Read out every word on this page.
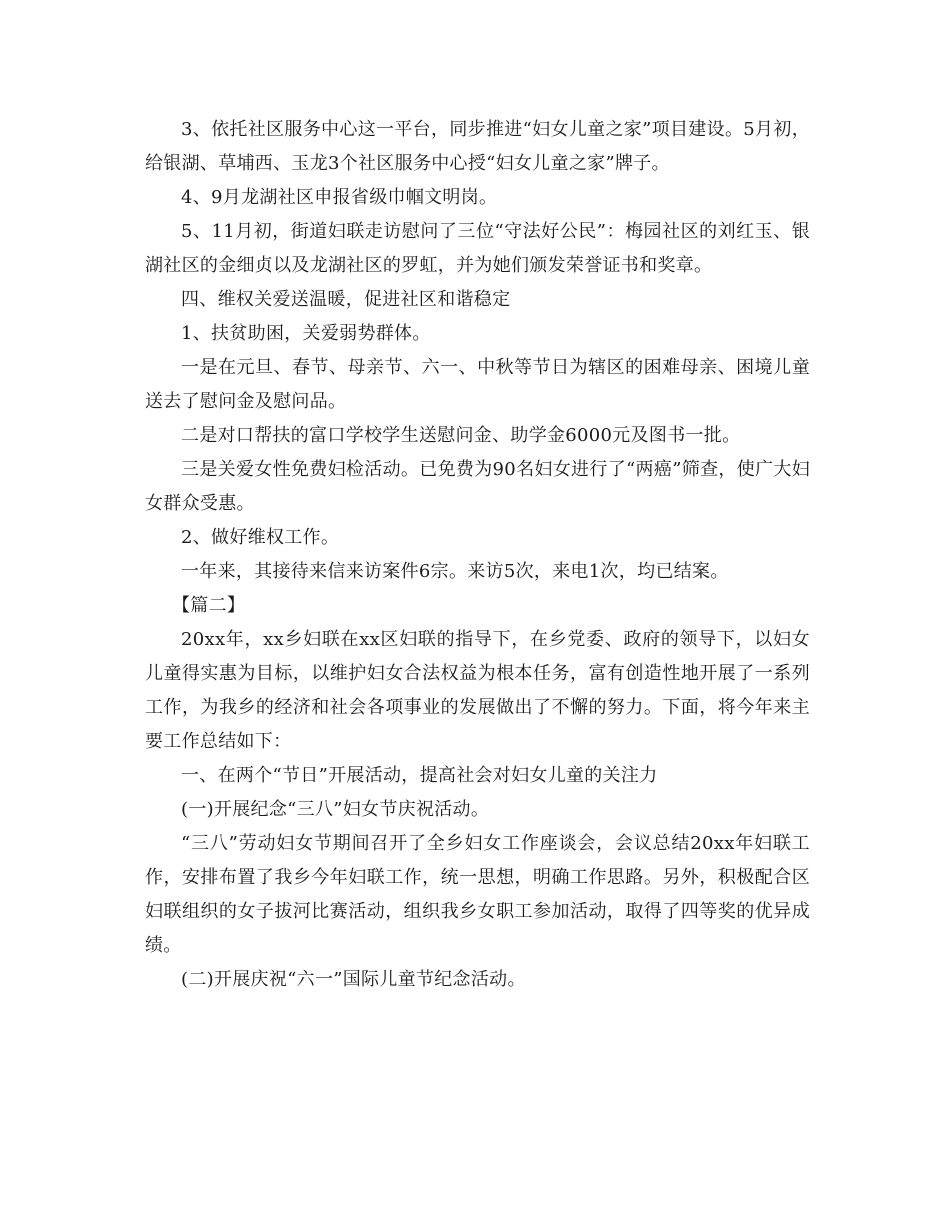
3、依托社区服务中心这一平台，同步推进“妇女儿童之家”项目建设。5月初，给银湖、草埔西、玉龙3个社区服务中心授“妇女儿童之家”牌子。

4、9月龙湖社区申报省级巾帼文明岗。

5、11月初，街道妇联走访慰问了三位“守法好公民”：梅园社区的刘红玉、银湖社区的金细贞以及龙湖社区的罗虹，并为她们颁发荣誉证书和奖章。

四、维权关爱送温暖，促进社区和谐稳定

1、扶贫助困，关爱弱势群体。

一是在元旦、春节、母亲节、六一、中秋等节日为辖区的困难母亲、困境儿童送去了慰问金及慰问品。

二是对口帮扶的富口学校学生送慰问金、助学金6000元及图书一批。

三是关爱女性免费妇检活动。已免费为90名妇女进行了“两癌”筛查，使广大妇女群众受惠。

2、做好维权工作。

一年来，其接待来信来访案件6宗。来访5次，来电1次，均已结案。

【篇二】

20xx年，xx乡妇联在xx区妇联的指导下，在乡党委、政府的领导下，以妇女儿童得实惠为目标，以维护妇女合法权益为根本任务，富有创造性地开展了一系列工作，为我乡的经济和社会各项事业的发展做出了不懈的努力。下面，将今年来主要工作总结如下：

一、在两个“节日”开展活动，提高社会对妇女儿童的关注力

(一)开展纪念“三八”妇女节庆祝活动。

“三八”劳动妇女节期间召开了全乡妇女工作座谈会，会议总结20xx年妇联工作，安排布置了我乡今年妇联工作，统一思想，明确工作思路。另外，积极配合区妇联组织的女子拔河比赛活动，组织我乡女职工参加活动，取得了四等奖的优异成绩。

(二)开展庆祝“六一”国际儿童节纪念活动。
